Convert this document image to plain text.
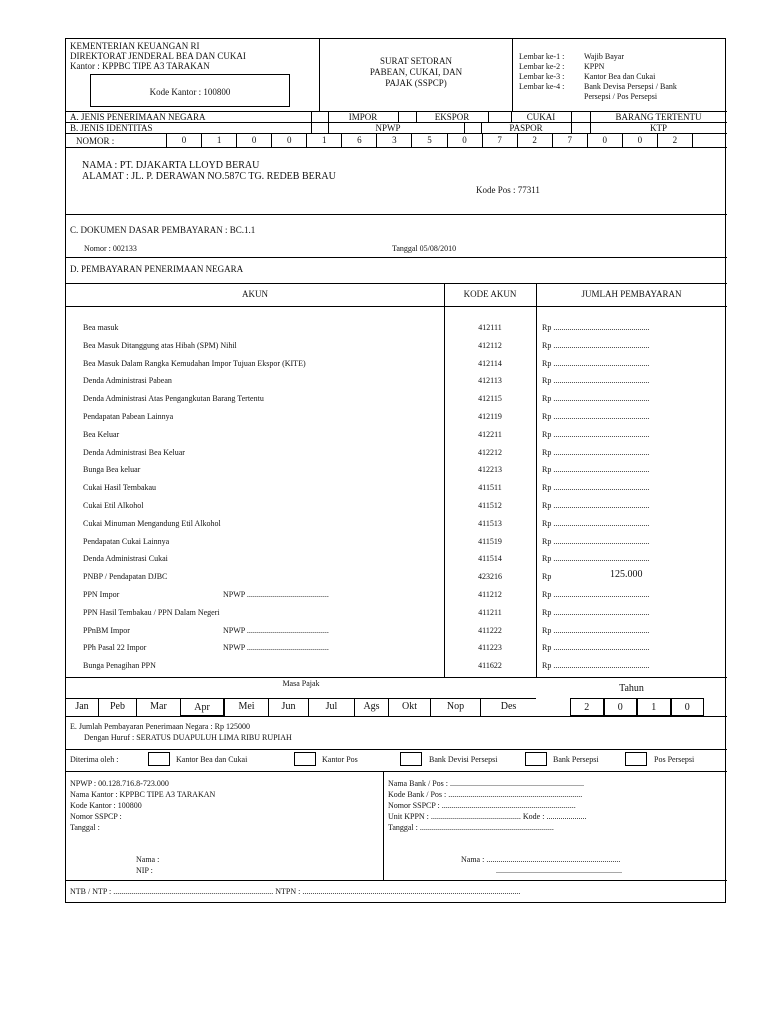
KEMENTERIAN KEUANGAN RI
DIREKTORAT JENDERAL BEA DAN CUKAI
Kantor : KPPBC TIPE A3 TARAKAN
Kode Kantor : 100800
SURAT SETORAN
PABEAN, CUKAI, DAN
PAJAK (SSPCP)
A. JENIS PENERIMAAN NEGARA	IMPOR	EKSPOR	CUKAI	BARANG TERTENTU
B. JENIS IDENTITAS	NPWP	PASPOR	KTP
NOMOR :	0	1	0	0	1	6	3	5	0	7	2	7	0	0	2
NAMA : PT. DJAKARTA LLOYD BERAU
ALAMAT : JL. P. DERAWAN NO.587C TG. REDEB BERAU
Kode Pos : 77311
C. DOKUMEN DASAR PEMBAYARAN : BC.1.1
Nomor : 002133	Tanggal 05/08/2010
D. PEMBAYARAN PENERIMAAN NEGARA
AKUN	KODE AKUN	JUMLAH PEMBAYARAN
Bea masuk	412111	Rp ................................................
Bea Masuk Ditanggung atas Hibah (SPM) Nihil	412112	Rp ................................................
Bea Masuk Dalam Rangka Kemudahan Impor Tujuan Ekspor (KITE)	412114	Rp ................................................
Denda Administrasi Pabean	412113	Rp ................................................
Denda Administrasi Atas Pengangkutan Barang Tertentu	412115	Rp ................................................
Pendapatan Pabean Lainnya	412119	Rp ................................................
Bea Keluar	412211	Rp ................................................
Denda Administrasi Bea Keluar	412212	Rp ................................................
Bunga Bea keluar	412213	Rp ................................................
Cukai Hasil Tembakau	411511	Rp ................................................
Cukai Etil Alkohol	411512	Rp ................................................
Cukai Minuman Mengandung Etil Alkohol	411513	Rp ................................................
Pendapatan Cukai Lainnya	411519	Rp ................................................
Denda Administrasi Cukai	411514	Rp ................................................
PNBP / Pendapatan DJBC	423216	Rp	125.000
PPN Impor	NPWP .........................................	411212	Rp ................................................
PPN Hasil Tembakau / PPN Dalam Negeri	411211	Rp ................................................
PPnBM Impor	NPWP .........................................	411222	Rp ................................................
PPh Pasal 22 Impor	NPWP .........................................	411223	Rp ................................................
Bunga Penagihan PPN	411622	Rp ................................................
Masa Pajak	Tahun
Jan	Peb	Mar	Apr	Mei	Jun	Jul	Ags	Okt	Nop	Des	2	0	1	0
E. Jumlah Pembayaran Penerimaan Negara : Rp 125000
Dengan Huruf : SERATUS DUAPULUH LIMA RIBU RUPIAH
Diterima oleh :	Kantor Bea dan Cukai	Kantor Pos	Bank Devisi Persepsi	Bank Persepsi	Pos Persepsi
NPWP : 00.128.716.8-723.000
Nama Kantor : KPPBC TIPE A3 TARAKAN
Kode Kantor : 100800
Nomor SSPCP :
Tanggal :
Nama :
NIP :
Nama Bank / Pos : ...................................................................
Kode Bank / Pos : ...................................................................
Nomor SSPCP : ...................................................................
Unit KPPN : ............................................. Kode : ....................
Tanggal : ...................................................................
Nama : ...................................................................
...............................................................
NTB / NTP : ................................................................................ NTPN : .............................................................................................................
Lembar ke-1 : Wajib Bayar
Lembar ke-2 : KPPN
Lembar ke-3 : Kantor Bea dan Cukai
Lembar ke-4 : Bank Devisa Persepsi / Bank
Persepsi / Pos Persepsi
